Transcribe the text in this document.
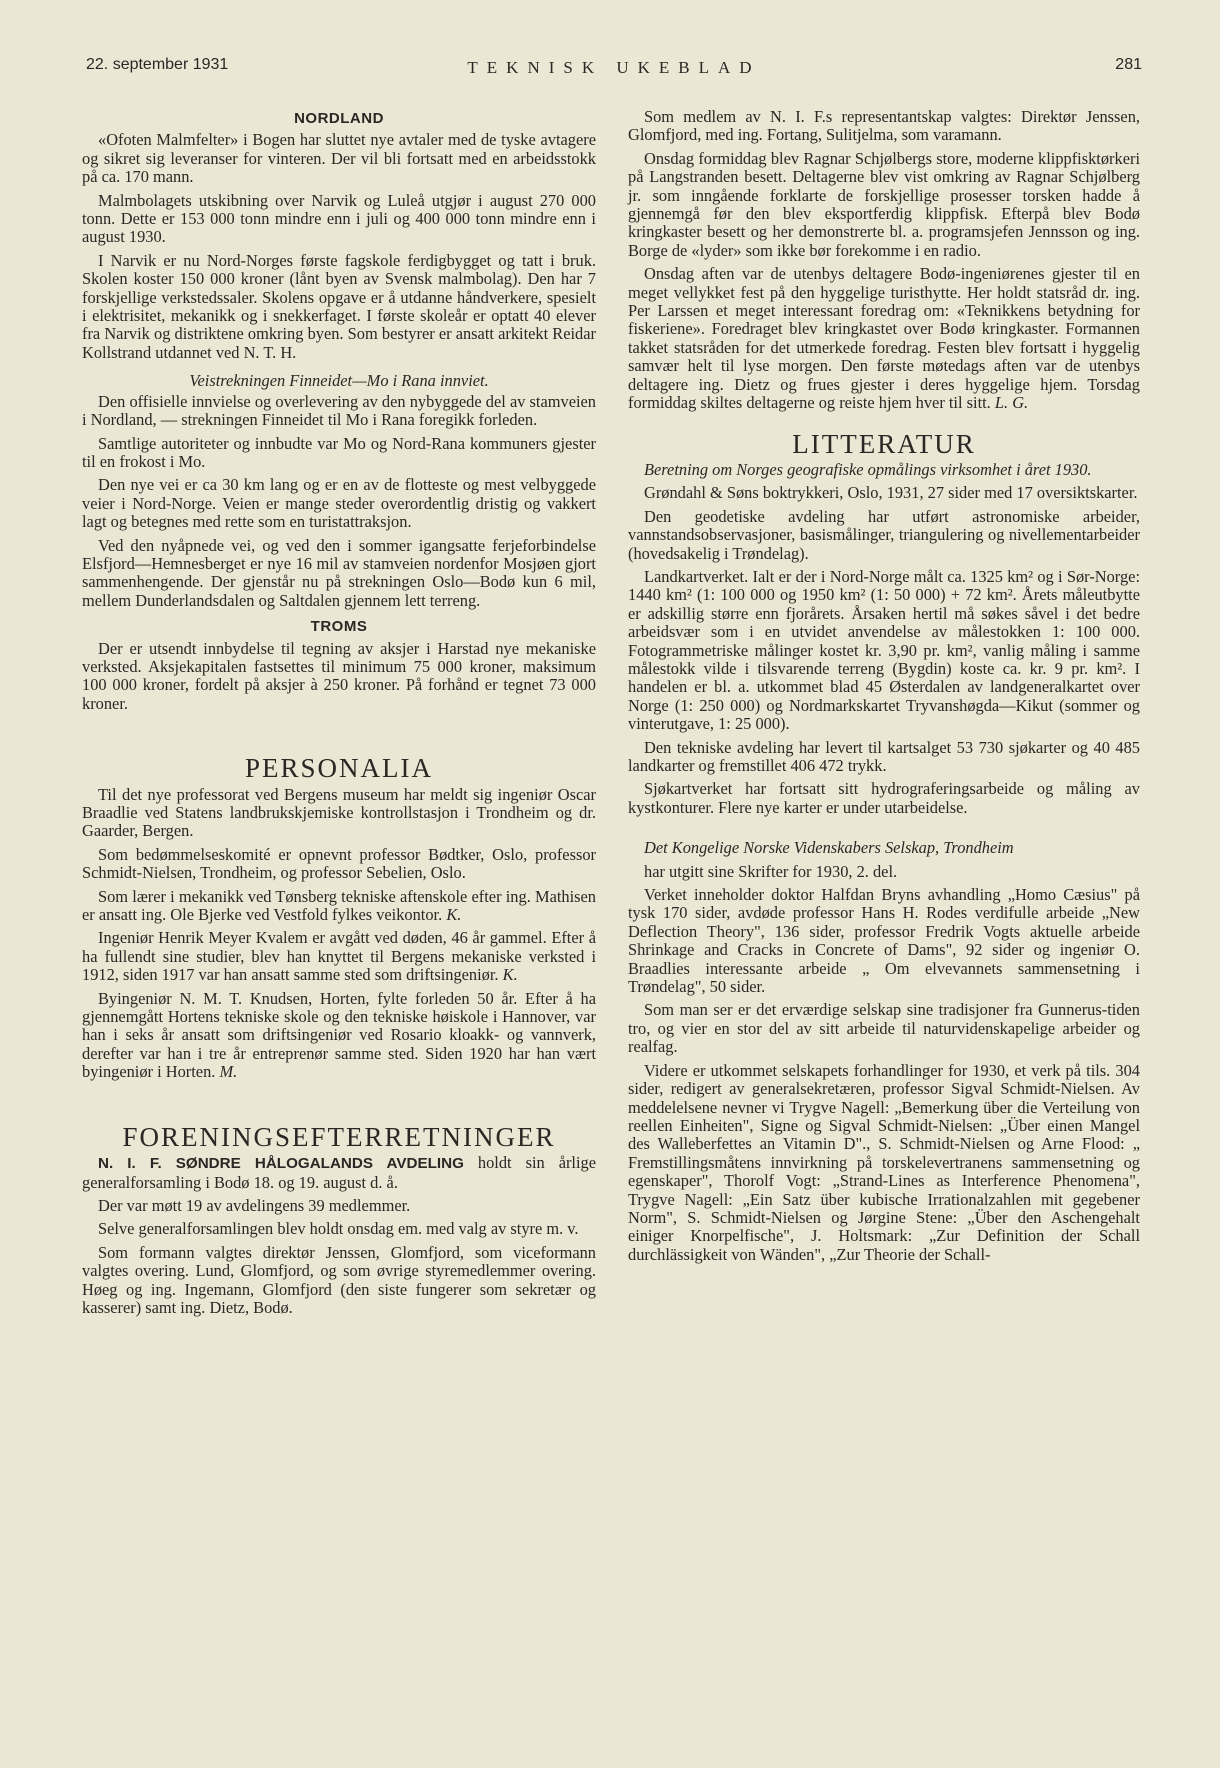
22. september 1931	TEKNISK UKEBLAD	281
NORDLAND

«Ofoten Malmfelter» i Bogen har sluttet nye avtaler med de tyske avtagere og sikret sig leveranser for vinteren. Der vil bli fortsatt med en arbeidsstokk på ca. 170 mann.

Malmbolagets utskibning over Narvik og Luleå utgjør i august 270 000 tonn. Dette er 153 000 tonn mindre enn i juli og 400 000 tonn mindre enn i august 1930.

I Narvik er nu Nord-Norges første fagskole ferdigbygget og tatt i bruk. Skolen koster 150 000 kroner (lånt byen av Svensk malmbolag). Den har 7 forskjellige verkstedssaler. Skolens opgave er å utdanne håndverkere, spesielt i elektrisitet, mekanikk og i snekkerfaget. I første skoleår er optatt 40 elever fra Narvik og distriktene omkring byen. Som bestyrer er ansatt arkitekt Reidar Kollstrand utdannet ved N. T. H.

Veistrekningen Finneidet—Mo i Rana innviet.

Den offisielle innvielse og overlevering av den nybyggede del av stamveien i Nordland, — strekningen Finneidet til Mo i Rana foregikk forleden.

Samtlige autoriteter og innbudte var Mo og Nord-Rana kommuners gjester til en frokost i Mo.

Den nye vei er ca 30 km lang og er en av de flotteste og mest velbyggede veier i Nord-Norge. Veien er mange steder overordentlig dristig og vakkert lagt og betegnes med rette som en turistattraksjon.

Ved den nyåpnede vei, og ved den i sommer igangsatte ferjeforbindelse Elsfjord—Hemnesberget er nye 16 mil av stamveien nordenfor Mosjøen gjort sammenhengende. Der gjenstår nu på strekningen Oslo—Bodø kun 6 mil, mellem Dunderlandsdalen og Saltdalen gjennem lett terreng.

TROMS

Der er utsendt innbydelse til tegning av aksjer i Harstad nye mekaniske verksted. Aksjekapitalen fastsettes til minimum 75 000 kroner, maksimum 100 000 kroner, fordelt på aksjer à 250 kroner. På forhånd er tegnet 73 000 kroner.

PERSONALIA

Til det nye professorat ved Bergens museum har meldt sig ingeniør Oscar Braadlie ved Statens landbrukskjemiske kontrollstasjon i Trondheim og dr. Gaarder, Bergen.

Som bedømmelseskomité er opnevnt professor Bødtker, Oslo, professor Schmidt-Nielsen, Trondheim, og professor Sebelien, Oslo.

Som lærer i mekanikk ved Tønsberg tekniske aftenskole efter ing. Mathisen er ansatt ing. Ole Bjerke ved Vestfold fylkes veikontor. K.

Ingeniør Henrik Meyer Kvalem er avgått ved døden, 46 år gammel. Efter å ha fullendt sine studier, blev han knyttet til Bergens mekaniske verksted i 1912, siden 1917 var han ansatt samme sted som driftsingeniør. K.

Byingeniør N. M. T. Knudsen, Horten, fylte forleden 50 år. Efter å ha gjennemgått Hortens tekniske skole og den tekniske høiskole i Hannover, var han i seks år ansatt som driftsingeniør ved Rosario kloakk- og vannverk, derefter var han i tre år entreprenør samme sted. Siden 1920 har han vært byingeniør i Horten. M.

FORENINGSEFTERRETNINGER

N. I. F. SØNDRE HÅLOGALANDS AVDELING holdt sin årlige generalforsamling i Bodø 18. og 19. august d. å.

Der var møtt 19 av avdelingens 39 medlemmer.

Selve generalforsamlingen blev holdt onsdag em. med valg av styre m. v.

Som formann valgtes direktør Jenssen, Glomfjord, som viceformann valgtes overing. Lund, Glomfjord, og som øvrige styremedlemmer overing. Høeg og ing. Ingemann, Glomfjord (den siste fungerer som sekretær og kasserer) samt ing. Dietz, Bodø.

Som medlem av N. I. F.s representantskap valgtes: Direktør Jenssen, Glomfjord, med ing. Fortang, Sulitjelma, som varamann.

Onsdag formiddag blev Ragnar Schjølbergs store, moderne klippfisktørkeri på Langstranden besett. Deltagerne blev vist omkring av Ragnar Schjølberg jr. som inngående forklarte de forskjellige prosesser torsken hadde å gjennemgå før den blev eksportferdig klippfisk. Efterpå blev Bodø kringkaster besett og her demonstrerte bl. a. programsjefen Jennsson og ing. Borge de «lyder» som ikke bør forekomme i en radio.

Onsdag aften var de utenbys deltagere Bodø-ingeniørenes gjester til en meget vellykket fest på den hyggelige turisthytte. Her holdt statsråd dr. ing. Per Larssen et meget interessant foredrag om: «Teknikkens betydning for fiskeriene». Foredraget blev kringkastet over Bodø kringkaster. Formannen takket statsråden for det utmerkede foredrag. Festen blev fortsatt i hyggelig samvær helt til lyse morgen. Den første møtedags aften var de utenbys deltagere ing. Dietz og frues gjester i deres hyggelige hjem. Torsdag formiddag skiltes deltagerne og reiste hjem hver til sitt. L. G.

LITTERATUR

Beretning om Norges geografiske opmålings virksomhet i året 1930.

Grøndahl & Søns boktrykkeri, Oslo, 1931, 27 sider med 17 oversiktskarter.

Den geodetiske avdeling har utført astronomiske arbeider, vannstandsobservasjoner, basismålinger, triangulering og nivellementarbeider (hovedsakelig i Trøndelag).

Landkartverket. Ialt er der i Nord-Norge målt ca. 1325 km² og i Sør-Norge: 1440 km² (1: 100 000 og 1950 km² (1: 50 000) + 72 km². Årets måleutbytte er adskillig større enn fjorårets. Årsaken hertil må søkes såvel i det bedre arbeidsvær som i en utvidet anvendelse av målestokken 1: 100 000. Fotogrammetriske målinger kostet kr. 3,90 pr. km², vanlig måling i samme målestokk vilde i tilsvarende terreng (Bygdin) koste ca. kr. 9 pr. km². I handelen er bl. a. utkommet blad 45 Østerdalen av landgeneralkartet over Norge (1: 250 000) og Nordmarkskartet Tryvanshøgda—Kikut (sommer og vinterutgave, 1: 25 000).

Den tekniske avdeling har levert til kartsalget 53 730 sjøkarter og 40 485 landkarter og fremstillet 406 472 trykk.

Sjøkartverket har fortsatt sitt hydrograferingsarbeide og måling av kystkonturer. Flere nye karter er under utarbeidelse.

Det Kongelige Norske Videnskabers Selskap, Trondheim

har utgitt sine Skrifter for 1930, 2. del.

Verket inneholder doktor Halfdan Bryns avhandling „Homo Cæsius" på tysk 170 sider, avdøde professor Hans H. Rodes verdifulle arbeide „New Deflection Theory", 136 sider, professor Fredrik Vogts aktuelle arbeide Shrinkage and Cracks in Concrete of Dams", 92 sider og ingeniør O. Braadlies interessante arbeide „ Om elvevannets sammensetning i Trøndelag", 50 sider.

Som man ser er det erværdige selskap sine tradisjoner fra Gunnerus-tiden tro, og vier en stor del av sitt arbeide til naturvidenskapelige arbeider og realfag.

Videre er utkommet selskapets forhandlinger for 1930, et verk på tils. 304 sider, redigert av generalsekretæren, professor Sigval Schmidt-Nielsen. Av meddelelsene nevner vi Trygve Nagell: „Bemerkung über die Verteilung von reellen Einheiten", Signe og Sigval Schmidt-Nielsen: „Über einen Mangel des Walleberfettes an Vitamin D"., S. Schmidt-Nielsen og Arne Flood: „ Fremstillingsmåtens innvirkning på torskelevertranens sammensetning og egenskaper", Thorolf Vogt: „Strand-Lines as Interference Phenomena", Trygve Nagell: „Ein Satz über kubische Irrationalzahlen mit gegebener Norm", S. Schmidt-Nielsen og Jørgine Stene: „Über den Aschengehalt einiger Knorpelfische", J. Holtsmark: „Zur Definition der Schall durchlässigkeit von Wänden", „Zur Theorie der Schall-
